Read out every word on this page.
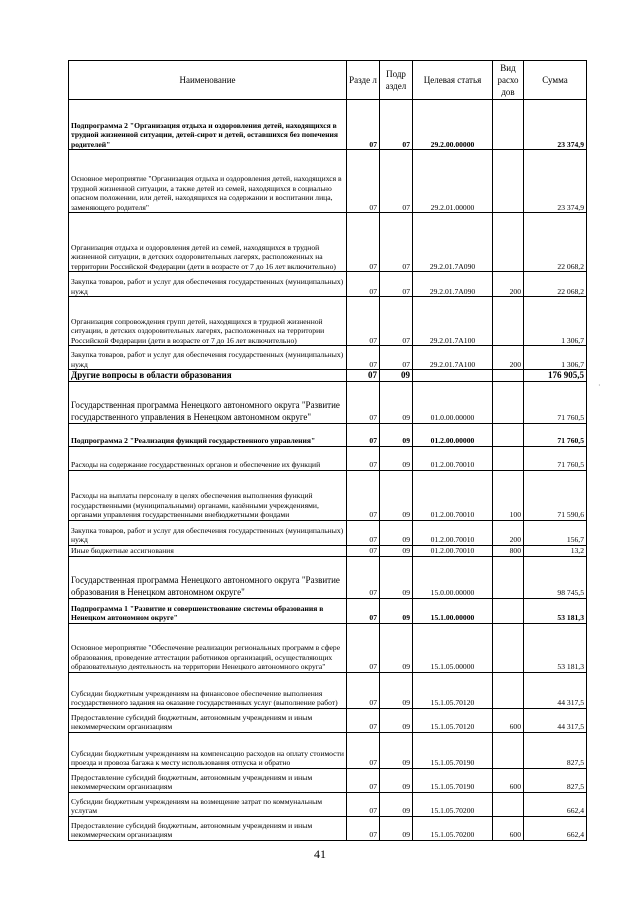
Наименование	Разде л	Подр аздел	Целевая статья	Вид расхо дов	Сумма
Подпрограмма 2 "Организация отдыха и оздоровления детей, находящихся в трудной жизненной ситуации, детей-сирот и детей, оставшихся без попечения родителей"	07	07	29.2.00.00000		23 374,9
Основное мероприятие "Организация отдыха и оздоровления детей, находящихся в трудной жизненной ситуации, а также детей из семей, находящихся в социально опасном положении, или детей, находящихся на содержании и воспитании лица, заменяющего родителя"	07	07	29.2.01.00000		23 374,9
Организация отдыха и оздоровления детей из семей, находящихся в трудной жизненной ситуации, в детских оздоровительных лагерях, расположенных на территории Российской Федерации (дети в возрасте от 7 до 16 лет включительно)	07	07	29.2.01.7А090		22 068,2
Закупка товаров, работ и услуг для обеспечения государственных (муниципальных) нужд	07	07	29.2.01.7А090	200	22 068,2
Организация сопровождения групп детей, находящихся в трудной жизненной ситуации, в детских оздоровительных лагерях, расположенных на территории Российской Федерации (дети в возрасте от 7 до 16 лет включительно)	07	07	29.2.01.7А100		1 306,7
Закупка товаров, работ и услуг для обеспечения государственных (муниципальных) нужд	07	07	29.2.01.7А100	200	1 306,7
Другие вопросы в области образования	07	09			176 905,5
Государственная программа Ненецкого автономного округа "Развитие государственного управления в Ненецком автономном округе"	07	09	01.0.00.00000		71 760,5
Подпрограмма 2 "Реализация функций государственного управления"	07	09	01.2.00.00000		71 760,5
Расходы на содержание государственных органов и обеспечение их функций	07	09	01.2.00.70010		71 760,5
Расходы на выплаты персоналу в целях обеспечения выполнения функций государственными (муниципальными) органами, казёнными учреждениями, органами управления государственными внебюджетными фондами	07	09	01.2.00.70010	100	71 590,6
Закупка товаров, работ и услуг для обеспечения государственных (муниципальных) нужд	07	09	01.2.00.70010	200	156,7
Иные бюджетные ассигнования	07	09	01.2.00.70010	800	13,2
Государственная программа Ненецкого автономного округа "Развитие образования в Ненецком автономном округе"	07	09	15.0.00.00000		98 745,5
Подпрограмма 1 "Развитие и совершенствование системы образования в Ненецком автономном округе"	07	09	15.1.00.00000		53 181,3
Основное мероприятие "Обеспечение реализации региональных программ в сфере образования, проведение аттестации работников организаций, осуществляющих образовательную деятельность на территории Ненецкого автономного округа"	07	09	15.1.05.00000		53 181,3
Субсидии бюджетным учреждениям на финансовое обеспечение выполнения государственного задания на оказание государственных услуг (выполнение работ)	07	09	15.1.05.70120		44 317,5
Предоставление субсидий бюджетным, автономным учреждениям и иным некоммерческим организациям	07	09	15.1.05.70120	600	44 317,5
Субсидии бюджетным учреждениям на компенсацию расходов на оплату стоимости проезда и провоза багажа к месту использования отпуска и обратно	07	09	15.1.05.70190		827,5
Предоставление субсидий бюджетным, автономным учреждениям и иным некоммерческим организациям	07	09	15.1.05.70190	600	827,5
Субсидии бюджетным учреждениям на возмещение затрат по коммунальным услугам	07	09	15.1.05.70200		662,4
Предоставление субсидий бюджетным, автономным учреждениям и иным некоммерческим организациям	07	09	15.1.05.70200	600	662,4
41
·
